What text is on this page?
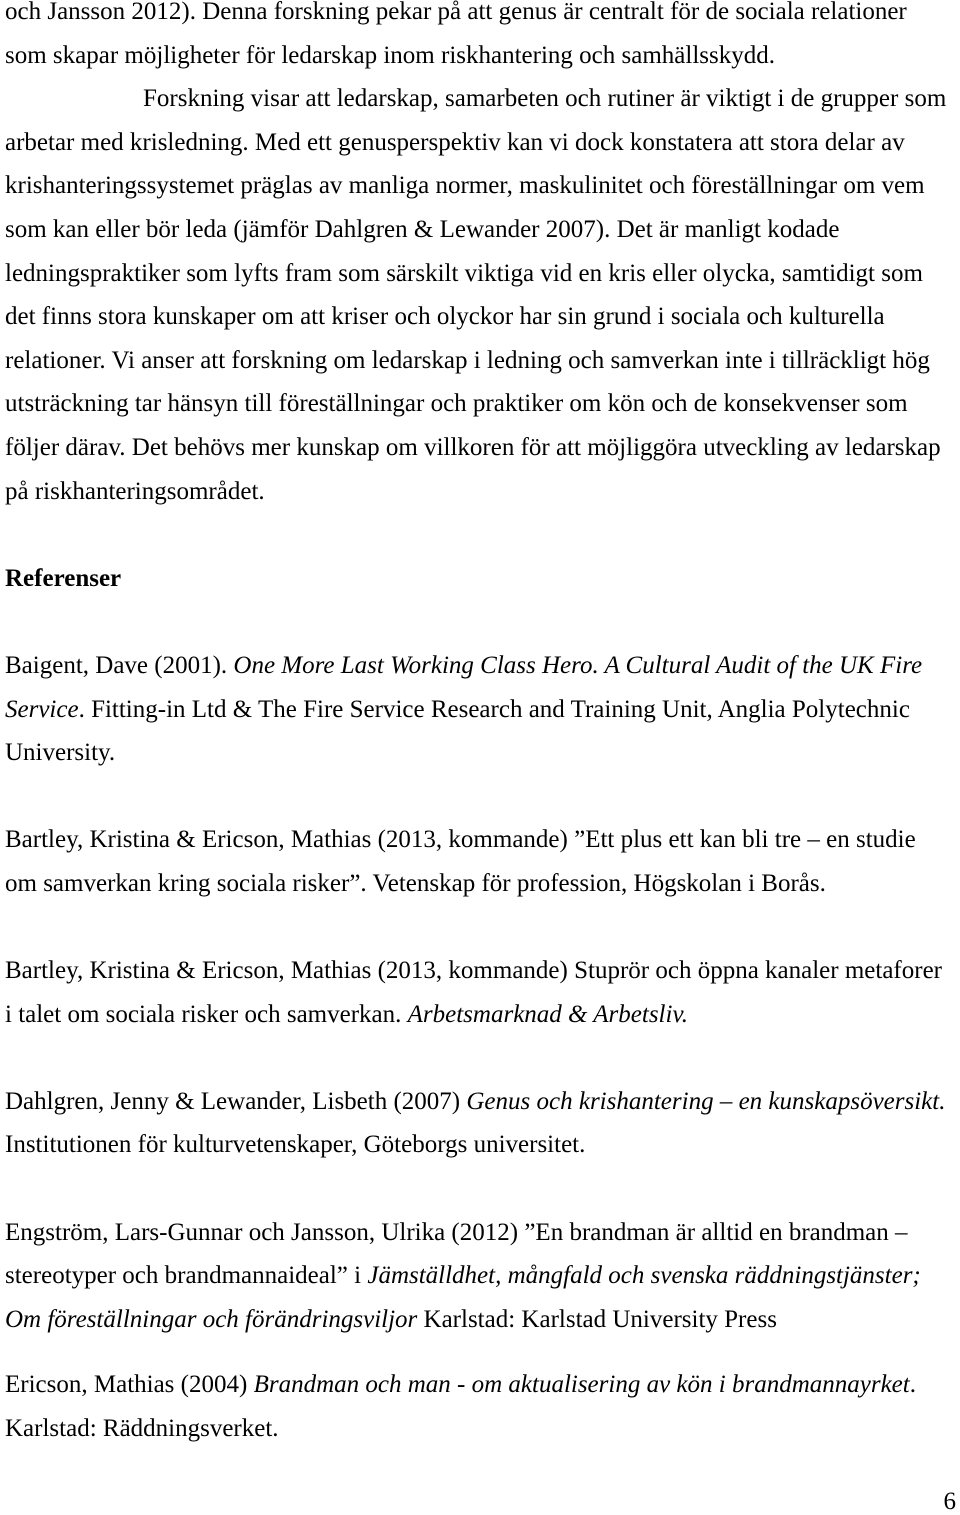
och Jansson 2012). Denna forskning pekar på att genus är centralt för de sociala relationer
som skapar möjligheter för ledarskap inom riskhantering och samhällsskydd.
Forskning visar att ledarskap, samarbeten och rutiner är viktigt i de grupper som
arbetar med krisledning. Med ett genusperspektiv kan vi dock konstatera att stora delar av
krishanteringssystemet präglas av manliga normer, maskulinitet och föreställningar om vem
som kan eller bör leda (jämför Dahlgren & Lewander 2007). Det är manligt kodade
ledningspraktiker som lyfts fram som särskilt viktiga vid en kris eller olycka, samtidigt som
det finns stora kunskaper om att kriser och olyckor har sin grund i sociala och kulturella
relationer. Vi anser att forskning om ledarskap i ledning och samverkan inte i tillräckligt hög
utsträckning tar hänsyn till föreställningar och praktiker om kön och de konsekvenser som
följer därav. Det behövs mer kunskap om villkoren för att möjliggöra utveckling av ledarskap
på riskhanteringsområdet.
Referenser
Baigent, Dave (2001). One More Last Working Class Hero. A Cultural Audit of the UK Fire
Service. Fitting-in Ltd & The Fire Service Research and Training Unit, Anglia Polytechnic
University.
Bartley, Kristina & Ericson, Mathias (2013, kommande) ”Ett plus ett kan bli tre – en studie
om samverkan kring sociala risker”. Vetenskap för profession, Högskolan i Borås.
Bartley, Kristina & Ericson, Mathias (2013, kommande) Stuprör och öppna kanaler metaforer
i talet om sociala risker och samverkan. Arbetsmarknad & Arbetsliv.
Dahlgren, Jenny & Lewander, Lisbeth (2007) Genus och krishantering – en kunskapsöversikt.
Institutionen för kulturvetenskaper, Göteborgs universitet.
Engström, Lars-Gunnar och Jansson, Ulrika (2012) ”En brandman är alltid en brandman –
stereotyper och brandmannaideal” i Jämställdhet, mångfald och svenska räddningstjänster;
Om föreställningar och förändringsviljor Karlstad: Karlstad University Press
Ericson, Mathias (2004) Brandman och man - om aktualisering av kön i brandmannayrket.
Karlstad: Räddningsverket.
6
